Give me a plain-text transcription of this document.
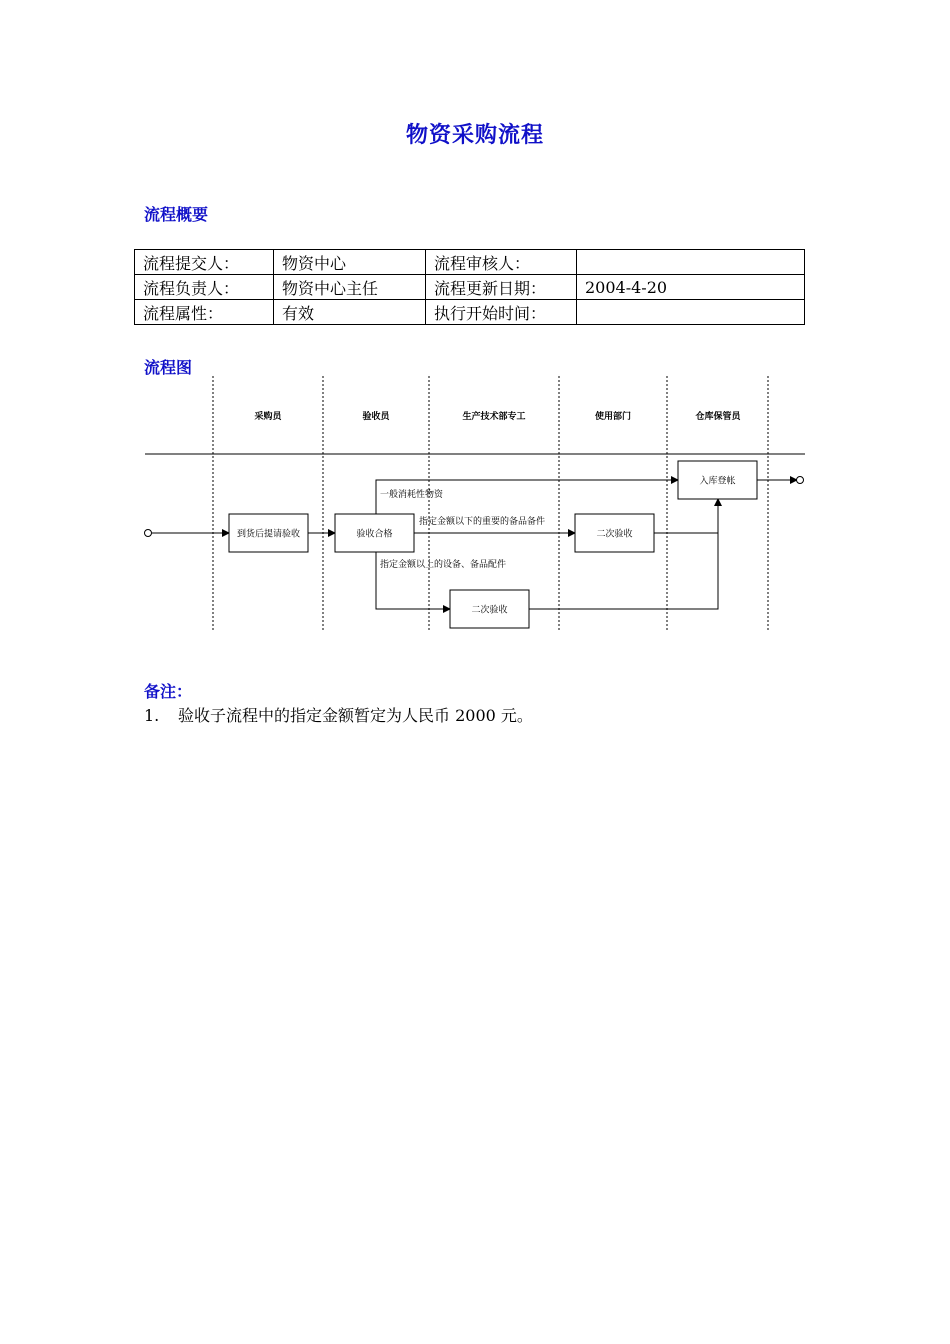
物资采购流程
流程概要
流程提交人：	物资中心	流程审核人：	
流程负责人：	物资中心主任	流程更新日期：	2004-4-20
流程属性：	有效	执行开始时间：	
流程图
采购员	验收员	生产技术部专工	使用部门	仓库保管员
到货后提请验收	验收合格	二次验收
二次验收
入库登帐
一般消耗性物资
指定金额以下的重要的备品备件
指定金额以上的设备、备品配件
备注：
1. 验收子流程中的指定金额暂定为人民币 2000 元。
